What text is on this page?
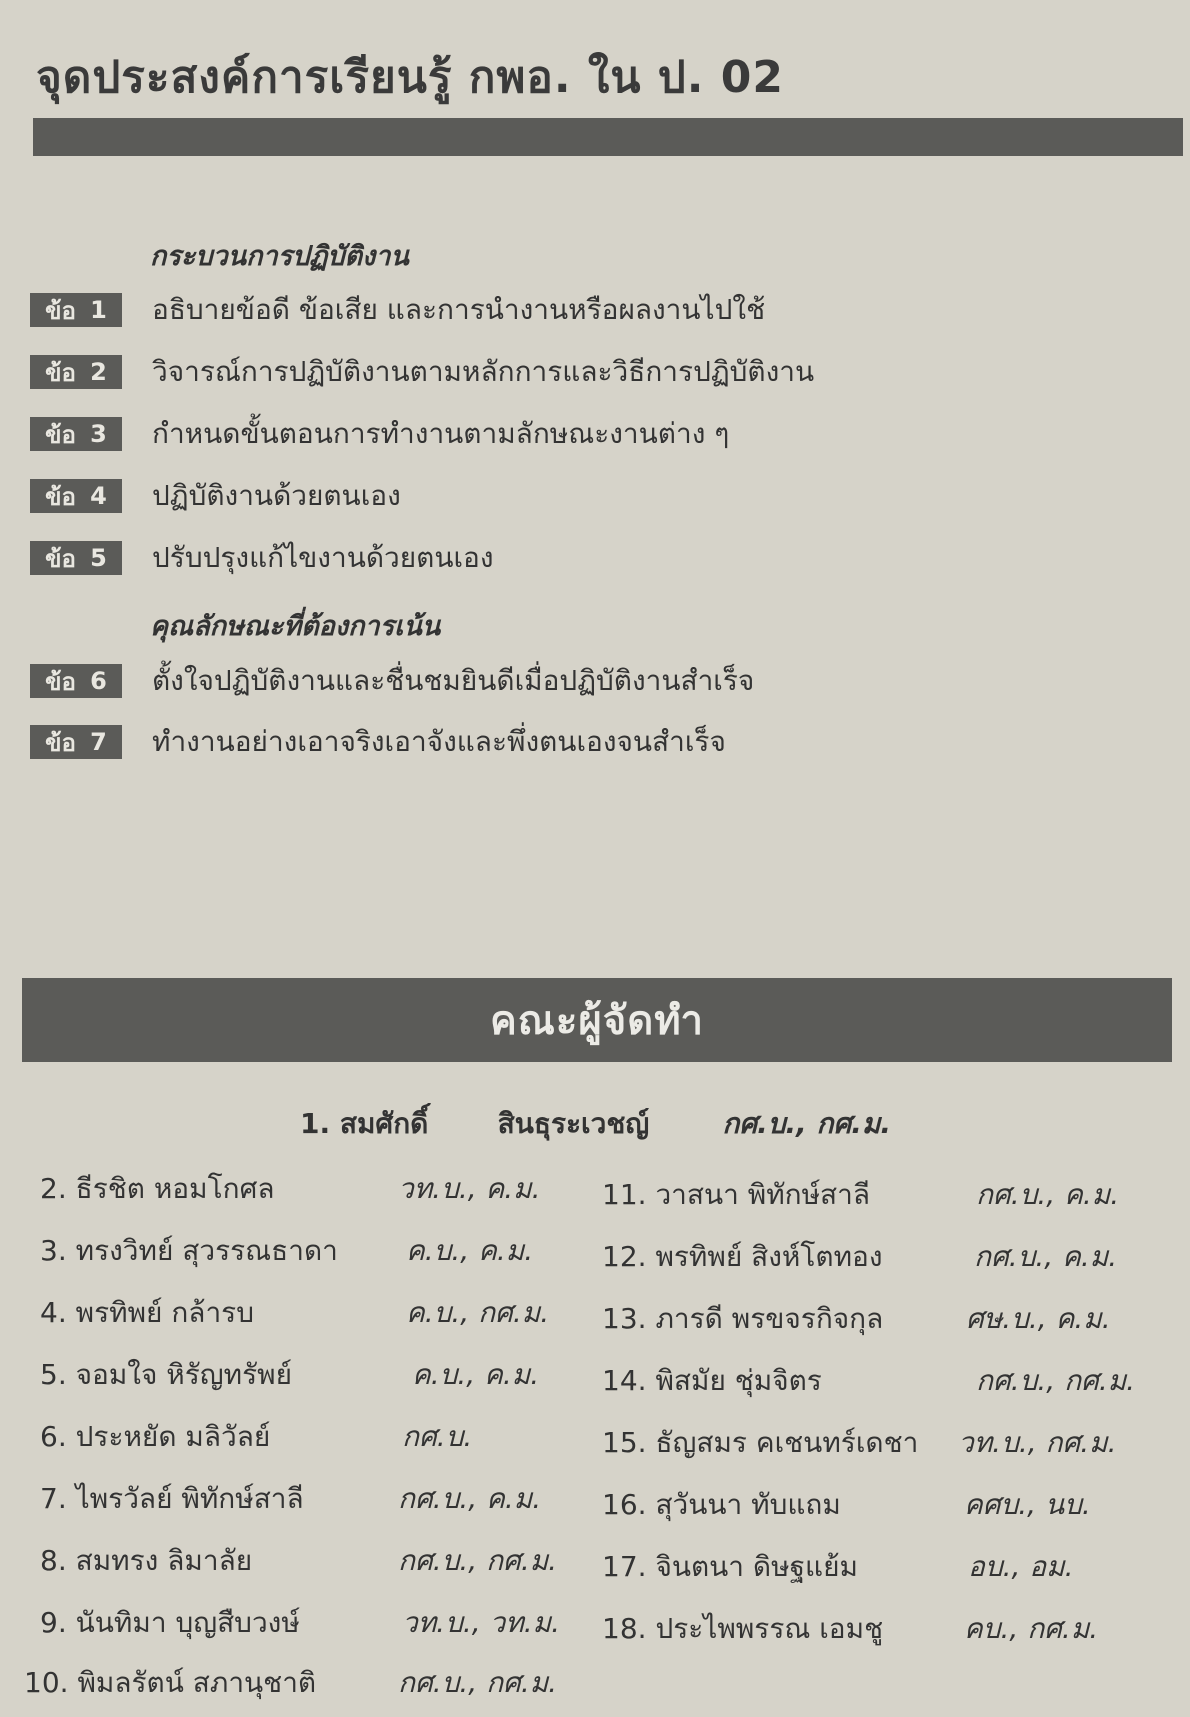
จุดประสงค์การเรียนรู้ กพอ. ใน ป. 02
กระบวนการปฏิบัติงาน
ข้อ 1 อธิบายข้อดี ข้อเสีย และการนำงานหรือผลงานไปใช้
ข้อ 2 วิจารณ์การปฏิบัติงานตามหลักการและวิธีการปฏิบัติงาน
ข้อ 3 กำหนดขั้นตอนการทำงานตามลักษณะงานต่าง ๆ
ข้อ 4 ปฏิบัติงานด้วยตนเอง
ข้อ 5 ปรับปรุงแก้ไขงานด้วยตนเอง
คุณลักษณะที่ต้องการเน้น
ข้อ 6 ตั้งใจปฏิบัติงานและชื่นชมยินดีเมื่อปฏิบัติงานสำเร็จ
ข้อ 7 ทำงานอย่างเอาจริงเอาจังและพึ่งตนเองจนสำเร็จ
คณะผู้จัดทำ
1. สมศักดิ์ สินธุระเวชญ์	กศ.บ., กศ.ม.
2. ธีรชิต หอมโกศล	วท.บ., ค.ม.
3. ทรงวิทย์ สุวรรณธาดา ค.บ., ค.ม.
4. พรทิพย์ กล้ารบ	ค.บ., กศ.ม.
5. จอมใจ หิรัญทรัพย์	ค.บ., ค.ม.
6. ประหยัด มลิวัลย์	กศ.บ.
7. ไพรวัลย์ พิทักษ์สาลี	กศ.บ., ค.ม.
8. สมทรง ลิมาลัย	กศ.บ., กศ.ม.
9. นันทิมา บุญสืบวงษ์	วท.บ., วท.ม.
10. พิมลรัตน์ สภานุชาติ	กศ.บ., กศ.ม.
11. วาสนา พิทักษ์สาลี	กศ.บ., ค.ม.
12. พรทิพย์ สิงห์โตทอง	กศ.บ., ค.ม.
13. ภารดี พรขจรกิจกุล	ศษ.บ., ค.ม.
14. พิสมัย ชุ่มจิตร	กศ.บ., กศ.ม.
15. ธัญสมร คเชนทร์เดชา วท.บ., กศ.ม.
16. สุวันนา ทับแถม	คศบ., นบ.
17. จินตนา ดิษฐแย้ม	อบ., อม.
18. ประไพพรรณ เอมชู	คบ., กศ.ม.
